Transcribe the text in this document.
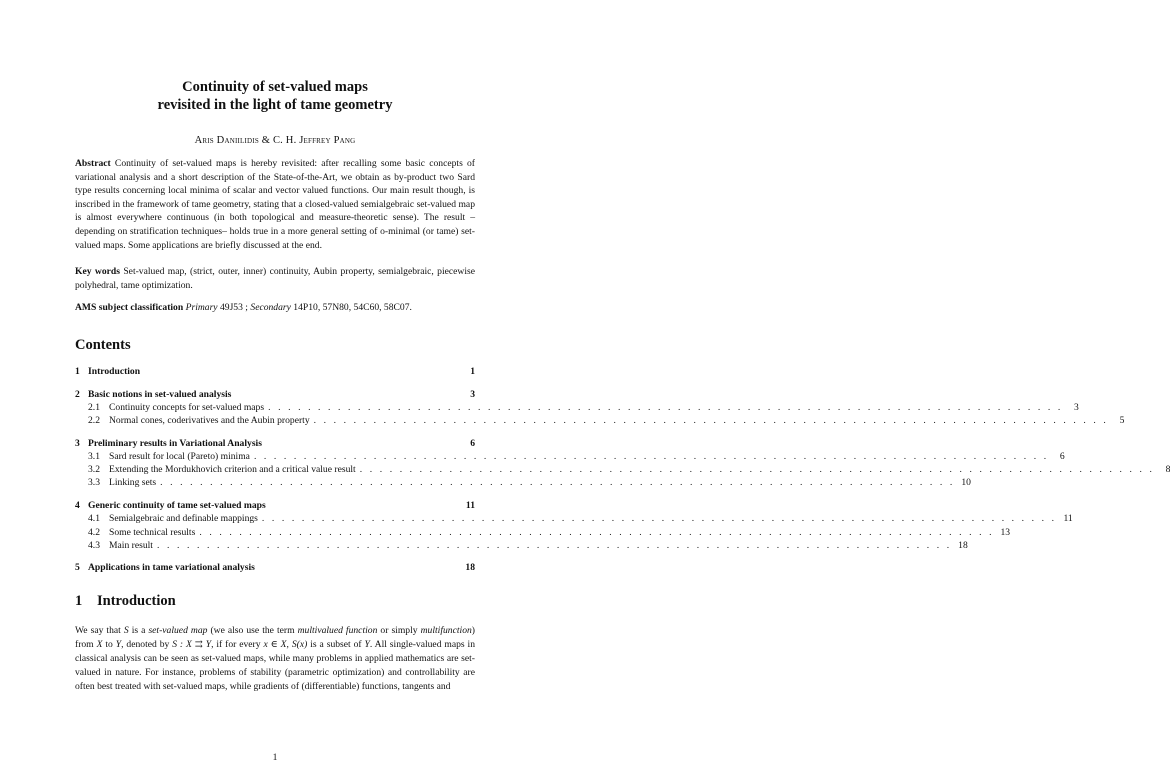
Continuity of set-valued maps
revisited in the light of tame geometry
Aris Daniilidis & C. H. Jeffrey Pang
Abstract Continuity of set-valued maps is hereby revisited: after recalling some basic concepts of variational analysis and a short description of the State-of-the-Art, we obtain as by-product two Sard type results concerning local minima of scalar and vector valued functions. Our main result though, is inscribed in the framework of tame geometry, stating that a closed-valued semialgebraic set-valued map is almost everywhere continuous (in both topological and measure-theoretic sense). The result –depending on stratification techniques– holds true in a more general setting of o-minimal (or tame) set-valued maps. Some applications are briefly discussed at the end.
Key words Set-valued map, (strict, outer, inner) continuity, Aubin property, semialgebraic, piecewise polyhedral, tame optimization.
AMS subject classification Primary 49J53 ; Secondary 14P10, 57N80, 54C60, 58C07.
Contents
1 Introduction	1
2 Basic notions in set-valued analysis	3
2.1 Continuity concepts for set-valued maps . . . . . . . . . . . . . . . . . . . . . . . . . . . . . . . . . . . . . . . . . . . . . . . . . . . . . . . . . . . . . . . . . . . . . . . . . . . . . . . .	3
2.2 Normal cones, coderivatives and the Aubin property . . . . . . . . . . . . . . . . . . . . . . . . . . . . . . . . . . . . . . . . . . . . . . . . . . . . . . . . . . . . . . . . . . . . . . . . . . . . . . . .	5
3 Preliminary results in Variational Analysis	6
3.1 Sard result for local (Pareto) minima . . . . . . . . . . . . . . . . . . . . . . . . . . . . . . . . . . . . . . . . . . . . . . . . . . . . . . . . . . . . . . . . . . . . . . . . . . . . . . . .	6
3.2 Extending the Mordukhovich criterion and a critical value result . . . . . . . . . . . . . . . . . . . . . . . . . . . . . . . . . . . . . . . . . . . . . . . . . . . . . . . . . . . . . . . . . . . . . . . . . . . . . . . .	8
3.3 Linking sets . . . . . . . . . . . . . . . . . . . . . . . . . . . . . . . . . . . . . . . . . . . . . . . . . . . . . . . . . . . . . . . . . . . . . . . . . . . . . . . . 10
4 Generic continuity of tame set-valued maps	11
4.1 Semialgebraic and definable mappings . . . . . . . . . . . . . . . . . . . . . . . . . . . . . . . . . . . . . . . . . . . . . . . . . . . . . . . . . . . . . . . . . . . . . . . . . . . . . . . . 11
4.2 Some technical results . . . . . . . . . . . . . . . . . . . . . . . . . . . . . . . . . . . . . . . . . . . . . . . . . . . . . . . . . . . . . . . . . . . . . . . . . . . . . . . . 13
4.3 Main result . . . . . . . . . . . . . . . . . . . . . . . . . . . . . . . . . . . . . . . . . . . . . . . . . . . . . . . . . . . . . . . . . . . . . . . . . . . . . . . . 18
5 Applications in tame variational analysis	18
1 Introduction
We say that S is a set-valued map (we also use the term multivalued function or simply multifunction) from X to Y, denoted by S : X ⇉ Y, if for every x ∈ X, S(x) is a subset of Y. All single-valued maps in classical analysis can be seen as set-valued maps, while many problems in applied mathematics are set-valued in nature. For instance, problems of stability (parametric optimization) and controllability are often best treated with set-valued maps, while gradients of (differentiable) functions, tangents and
1
